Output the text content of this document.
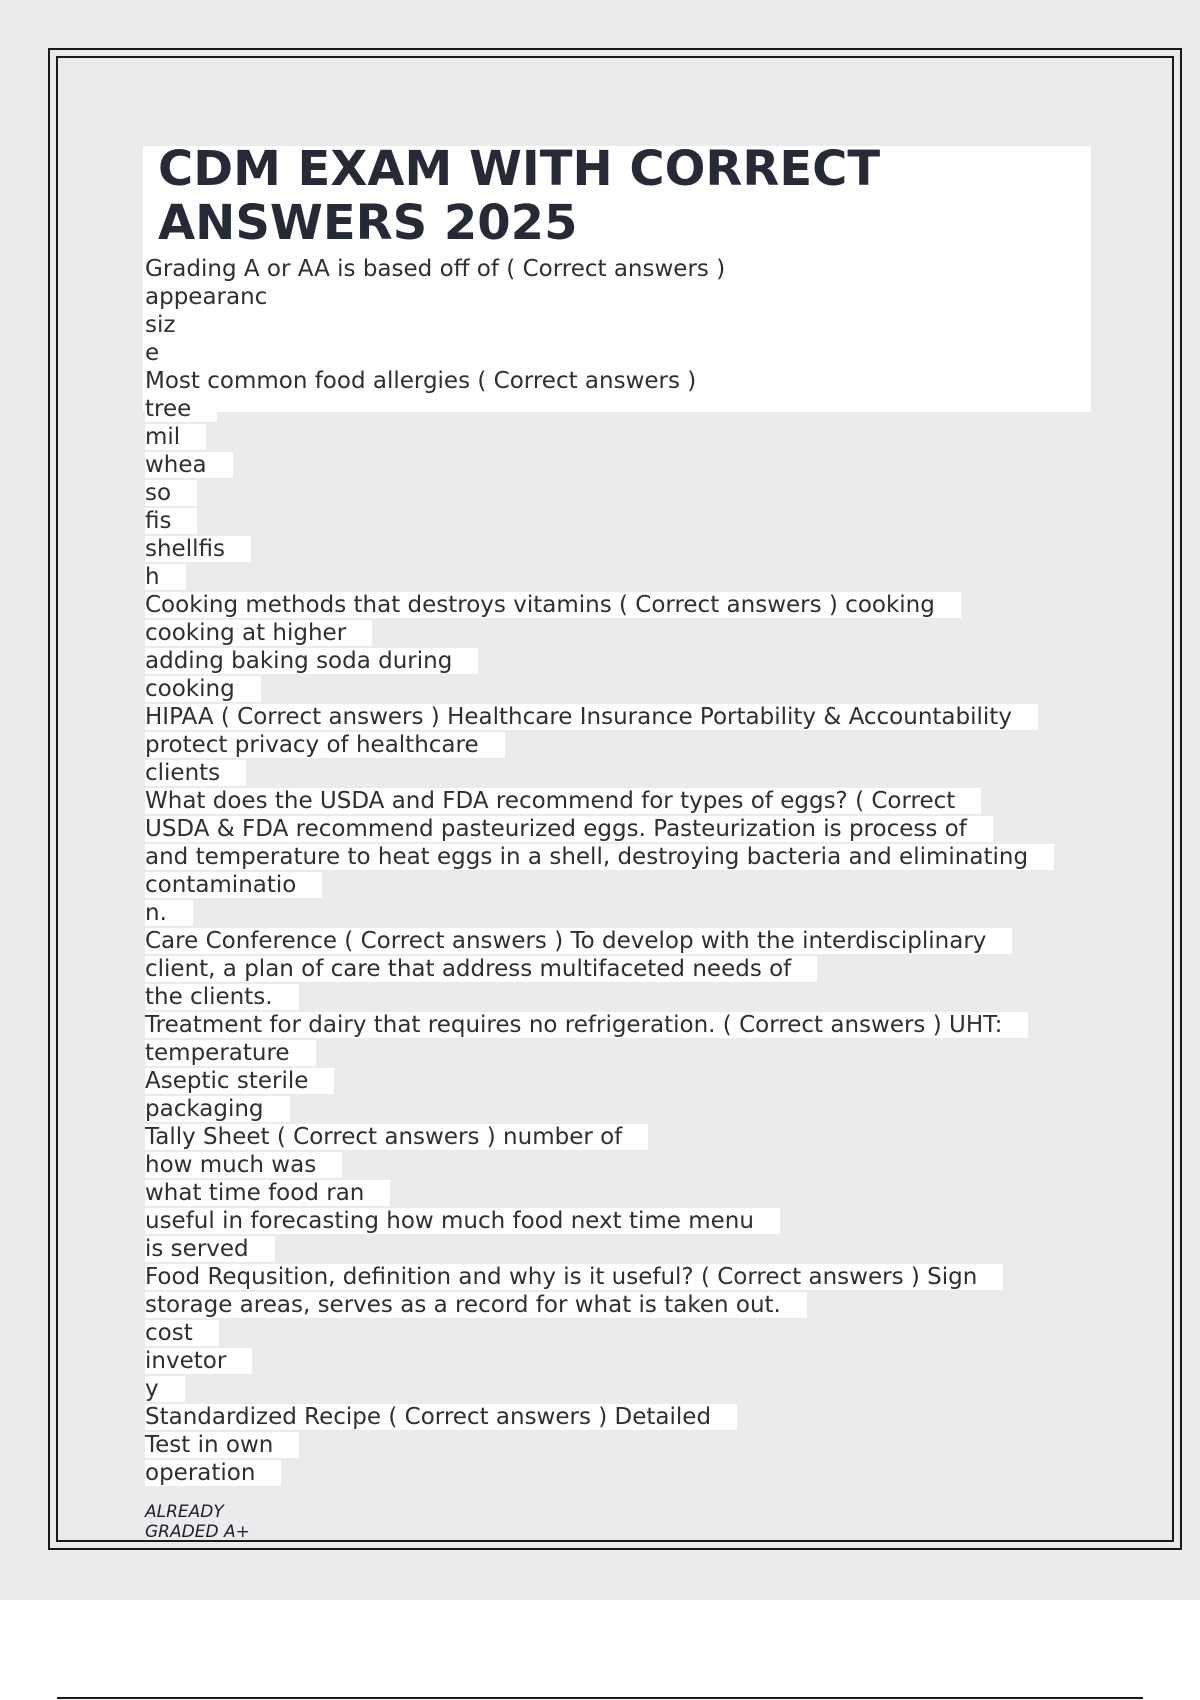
CDM EXAM WITH CORRECT ANSWERS 2025
Grading A or AA is based off of ( Correct answers )
appearanc
siz
e
Most common food allergies ( Correct answers )
tree
mil
whea
so
fis
shellfis
h
Cooking methods that destroys vitamins ( Correct answers ) cooking
cooking at higher
adding baking soda during
cooking
HIPAA ( Correct answers ) Healthcare Insurance Portability & Accountability
protect privacy of healthcare
clients
What does the USDA and FDA recommend for types of eggs? ( Correct
USDA & FDA recommend pasteurized eggs. Pasteurization is process of
and temperature to heat eggs in a shell, destroying bacteria and eliminating
contaminatio
n.
Care Conference ( Correct answers ) To develop with the interdisciplinary
client, a plan of care that address multifaceted needs of
the clients.
Treatment for dairy that requires no refrigeration. ( Correct answers ) UHT:
temperature
Aseptic sterile
packaging
Tally Sheet ( Correct answers ) number of
how much was
what time food ran
useful in forecasting how much food next time menu
is served
Food Requsition, definition and why is it useful? ( Correct answers ) Sign
storage areas, serves as a record for what is taken out.
cost
invetor
y
Standardized Recipe ( Correct answers ) Detailed
Test in own
operation
ALREADY
GRADED A+
